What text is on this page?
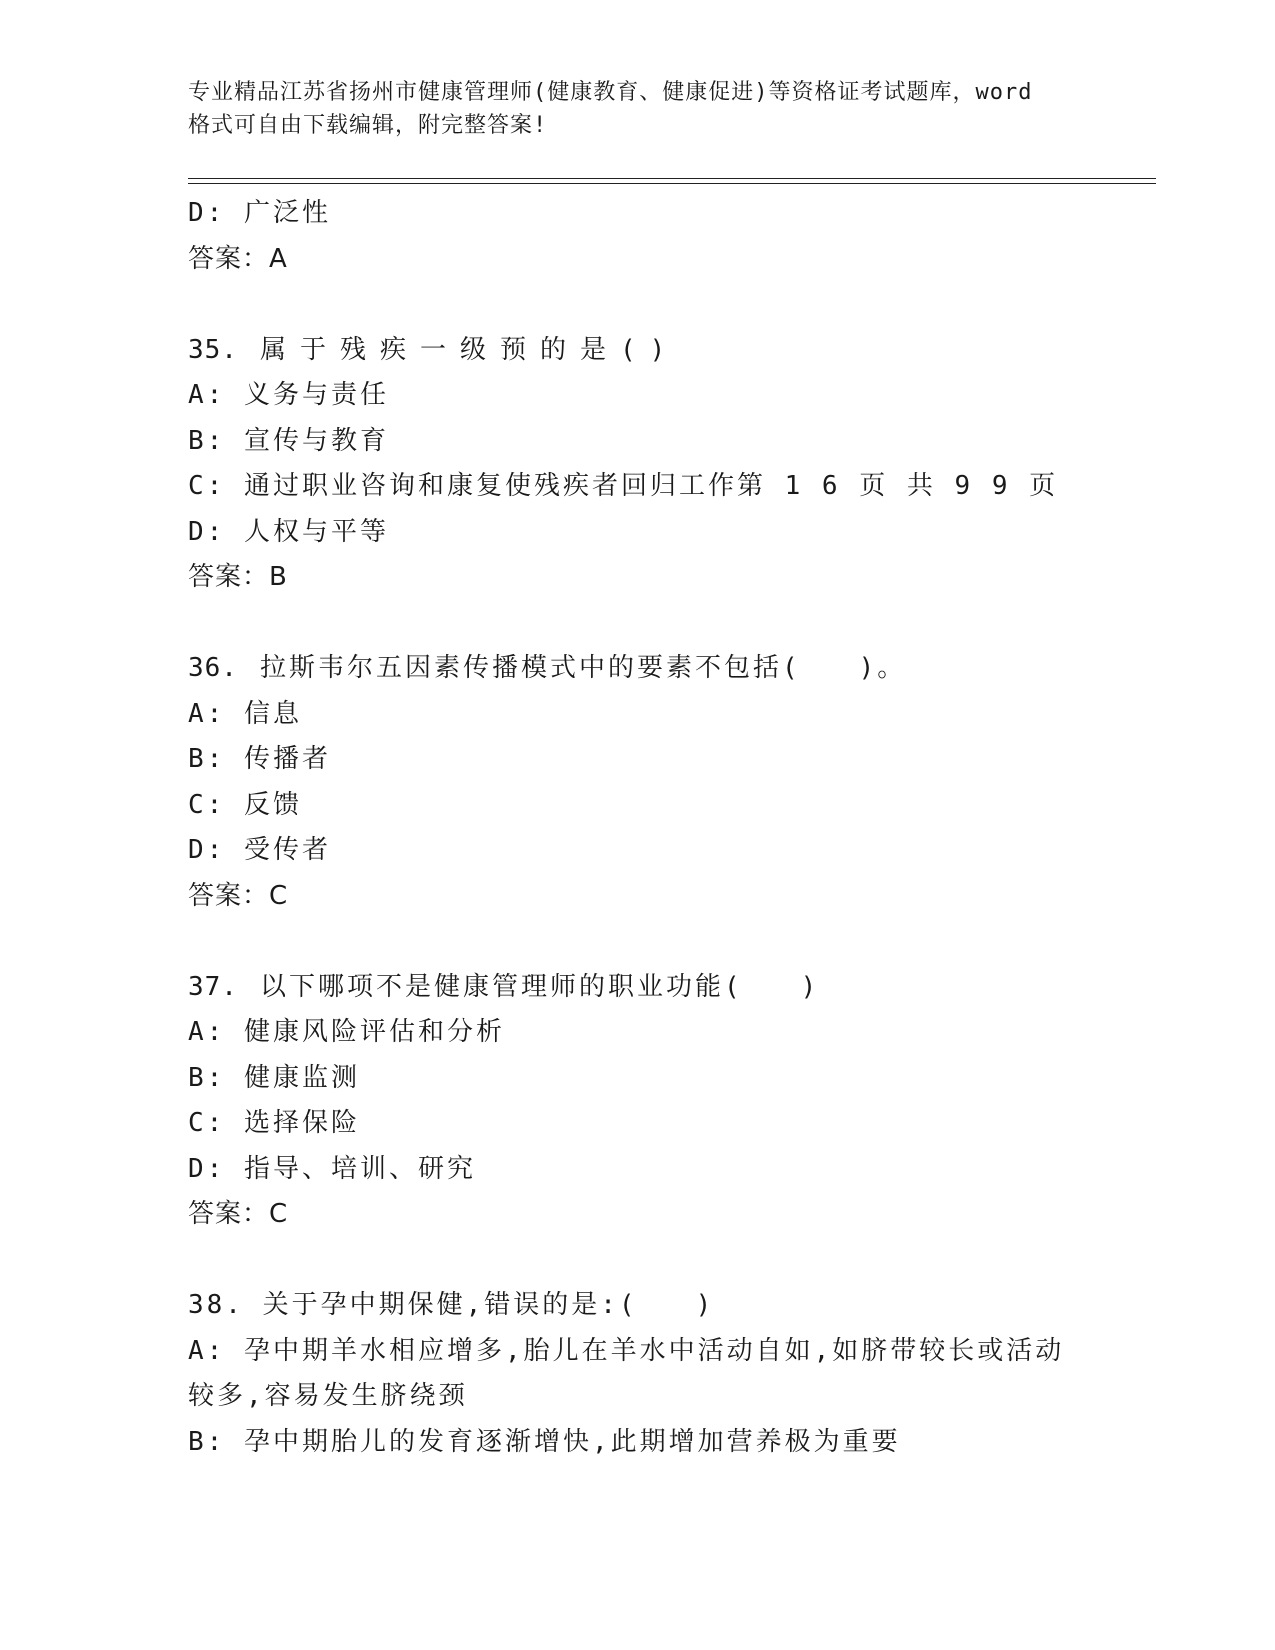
专业精品江苏省扬州市健康管理师(健康教育、健康促进)等资格证考试题库，word
格式可自由下载编辑，附完整答案!
D: 广泛性
答案：A
35. 属于残疾一级预的是()
A: 义务与责任
B: 宣传与教育
C: 通过职业咨询和康复使残疾者回归工作第 1 6 页 共 9 9 页
D: 人权与平等
答案：B
36. 拉斯韦尔五因素传播模式中的要素不包括(　　)。
A: 信息
B: 传播者
C: 反馈
D: 受传者
答案：C
37. 以下哪项不是健康管理师的职业功能(　　)
A: 健康风险评估和分析
B: 健康监测
C: 选择保险
D: 指导、培训、研究
答案：C
38. 关于孕中期保健,错误的是:(　　)
A: 孕中期羊水相应增多,胎儿在羊水中活动自如,如脐带较长或活动较多,容易发生脐绕颈
B: 孕中期胎儿的发育逐渐增快,此期增加营养极为重要
